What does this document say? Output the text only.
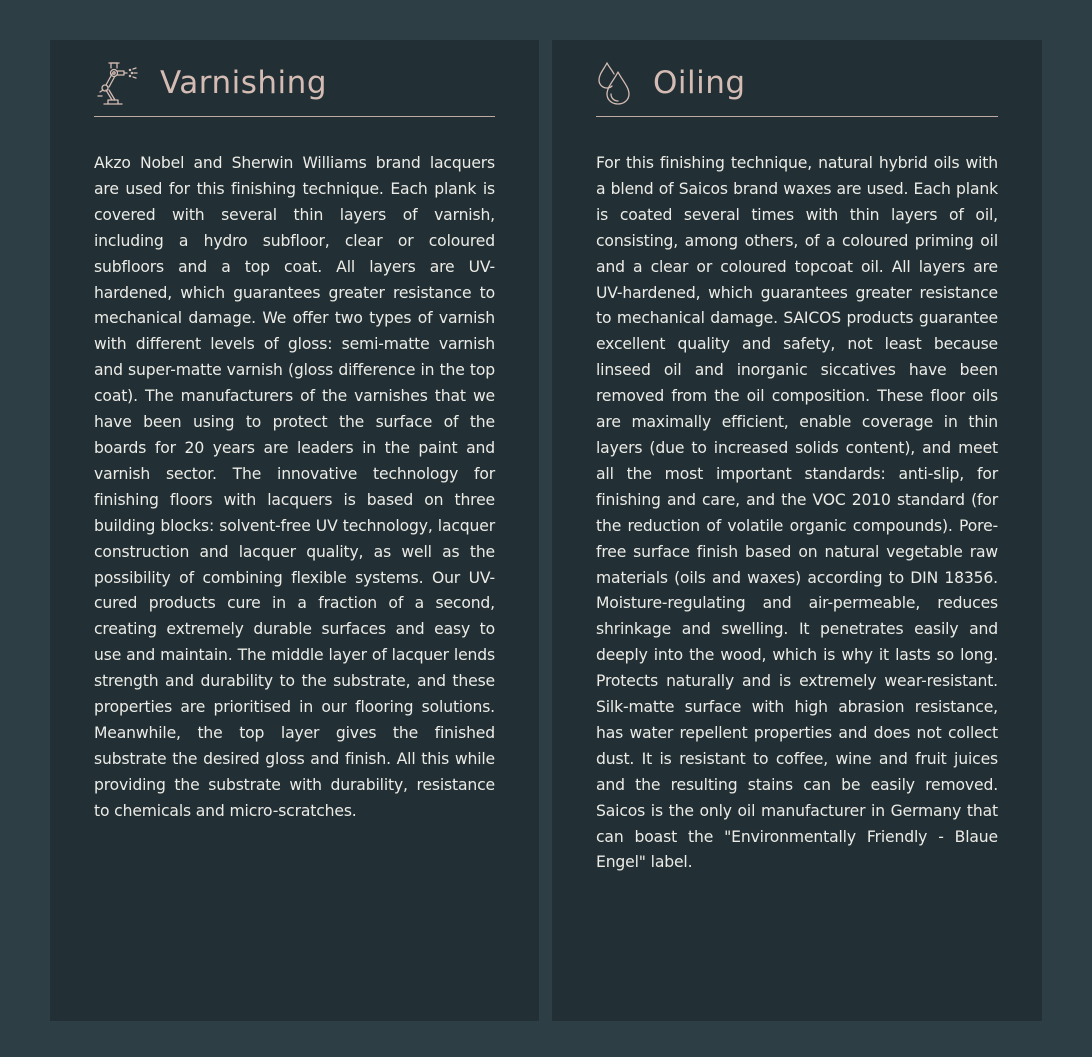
Varnishing

Akzo Nobel and Sherwin Williams brand lacquers are used for this finishing technique. Each plank is covered with several thin layers of varnish, including a hydro subfloor, clear or coloured subfloors and a top coat. All layers are UV-hardened, which guarantees greater resistance to mechanical damage. We offer two types of varnish with different levels of gloss: semi-matte varnish and super-matte varnish (gloss difference in the top coat). The manufacturers of the varnishes that we have been using to protect the surface of the boards for 20 years are leaders in the paint and varnish sector. The innovative technology for finishing floors with lacquers is based on three building blocks: solvent-free UV technology, lacquer construction and lacquer quality, as well as the possibility of combining flexible systems. Our UV-cured products cure in a fraction of a second, creating extremely durable surfaces and easy to use and maintain. The middle layer of lacquer lends strength and durability to the substrate, and these properties are prioritised in our flooring solutions. Meanwhile, the top layer gives the finished substrate the desired gloss and finish. All this while providing the substrate with durability, resistance to chemicals and micro-scratches.

Oiling

For this finishing technique, natural hybrid oils with a blend of Saicos brand waxes are used. Each plank is coated several times with thin layers of oil, consisting, among others, of a coloured priming oil and a clear or coloured topcoat oil. All layers are UV-hardened, which guarantees greater resistance to mechanical damage. SAICOS products guarantee excellent quality and safety, not least because linseed oil and inorganic siccatives have been removed from the oil composition. These floor oils are maximally efficient, enable coverage in thin layers (due to increased solids content), and meet all the most important standards: anti-slip, for finishing and care, and the VOC 2010 standard (for the reduction of volatile organic compounds). Pore-free surface finish based on natural vegetable raw materials (oils and waxes) according to DIN 18356. Moisture-regulating and air-permeable, reduces shrinkage and swelling. It penetrates easily and deeply into the wood, which is why it lasts so long. Protects naturally and is extremely wear-resistant. Silk-matte surface with high abrasion resistance, has water repellent properties and does not collect dust. It is resistant to coffee, wine and fruit juices and the resulting stains can be easily removed. Saicos is the only oil manufacturer in Germany that can boast the "Environmentally Friendly - Blaue Engel" label.
